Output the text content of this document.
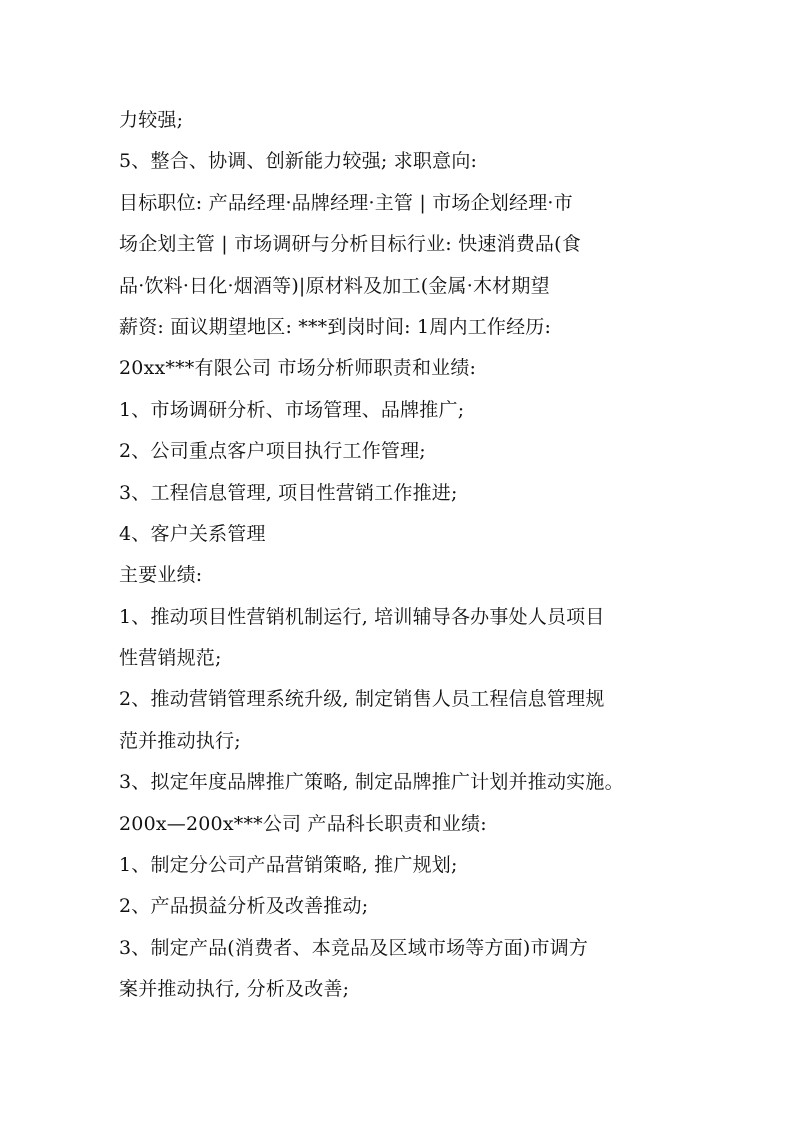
力较强;
5、整合、协调、创新能力较强; 求职意向:
目标职位: 产品经理·品牌经理·主管 | 市场企划经理·市
场企划主管 | 市场调研与分析目标行业: 快速消费品(食
品·饮料·日化·烟酒等)|原材料及加工(金属·木材期望
薪资: 面议期望地区: ***到岗时间: 1周内工作经历:
20xx***有限公司 市场分析师职责和业绩:
1、市场调研分析、市场管理、品牌推广;
2、公司重点客户项目执行工作管理;
3、工程信息管理, 项目性营销工作推进;
4、客户关系管理
主要业绩:
1、推动项目性营销机制运行, 培训辅导各办事处人员项目
性营销规范;
2、推动营销管理系统升级, 制定销售人员工程信息管理规
范并推动执行;
3、拟定年度品牌推广策略, 制定品牌推广计划并推动实施。
200x—200x***公司 产品科长职责和业绩:
1、制定分公司产品营销策略, 推广规划;
2、产品损益分析及改善推动;
3、制定产品(消费者、本竞品及区域市场等方面)市调方
案并推动执行, 分析及改善;
